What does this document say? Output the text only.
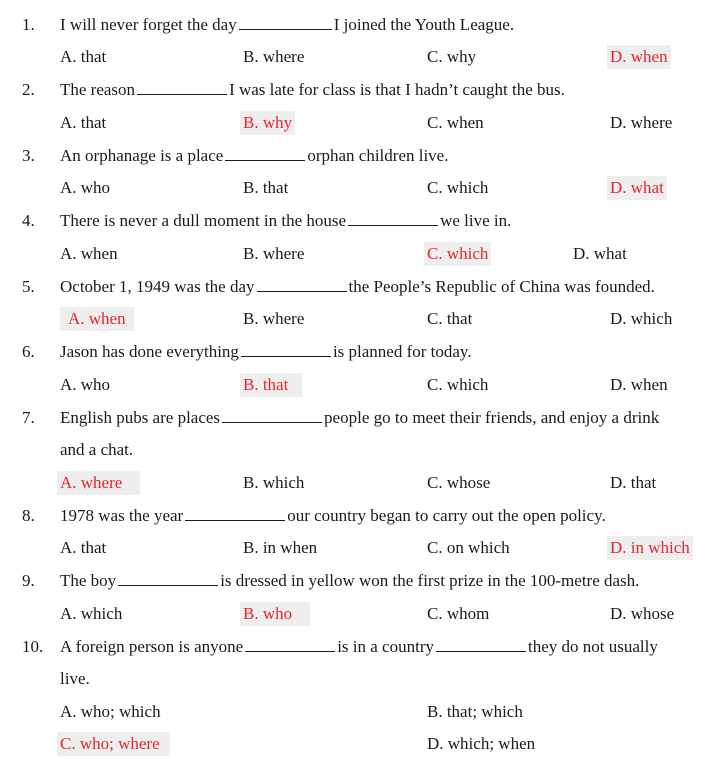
1. I will never forget the day	I joined the Youth League.
A. that	B. where	C. why	D. when
2. The reason	I was late for class is that I hadn’t caught the bus.
A. that	B. why	C. when	D. where
3. An orphanage is a place	orphan children live.
A. who	B. that	C. which	D. what
4. There is never a dull moment in the house	we live in.
A. when	B. where	C. which	D. what
5. October 1, 1949 was the day	the People’s Republic of China was founded.
A. when	B. where	C. that	D. which
6. Jason has done everything	is planned for today.
A. who	B. that	C. which	D. when
7. English pubs are places	people go to meet their friends, and enjoy a drink
and a chat.
A. where	B. which	C. whose	D. that
8. 1978 was the year	our country began to carry out the open policy.
A. that	B. in when	C. on which	D. in which
9. The boy	is dressed in yellow won the first prize in the 100-metre dash.
A. which	B. who	C. whom	D. whose
10. A foreign person is anyone	is in a country	they do not usually
live.
A. who; which	B. that; which
C. who; where	D. which; when
